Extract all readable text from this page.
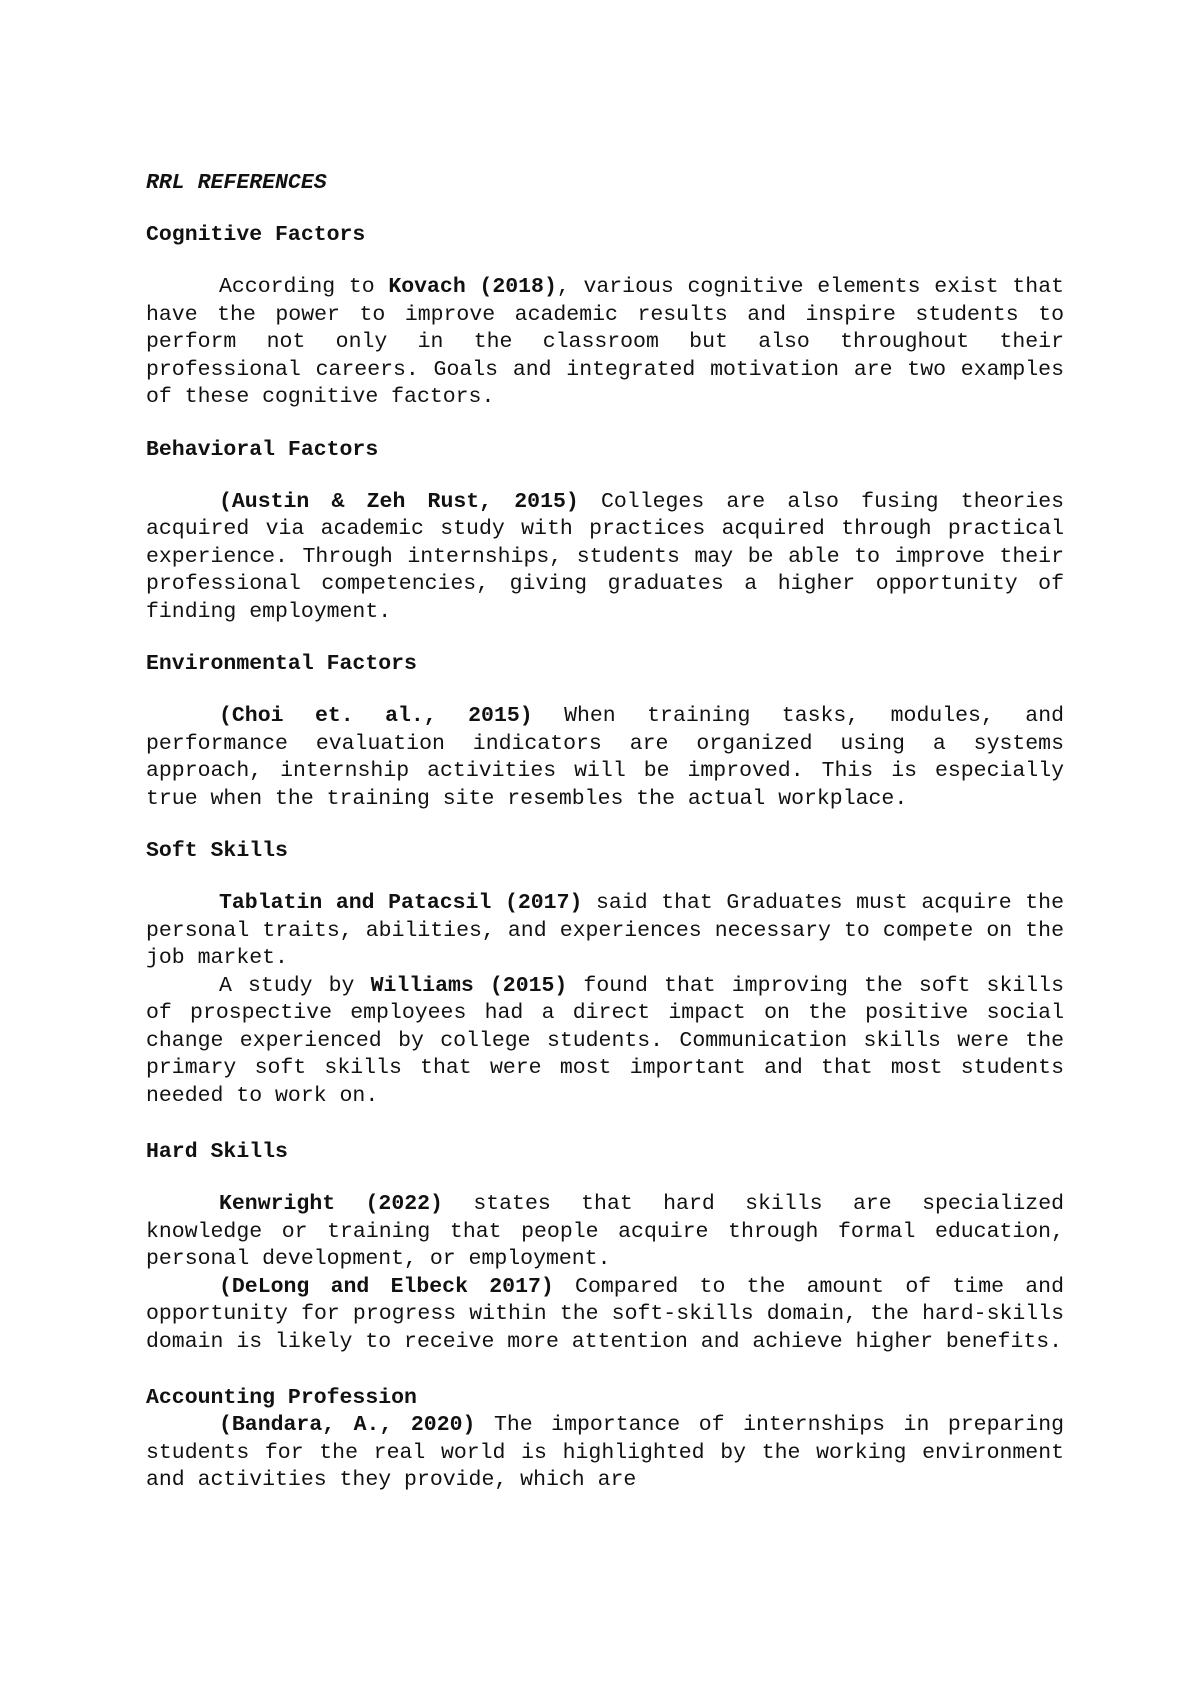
RRL REFERENCES
Cognitive Factors

According to Kovach (2018), various cognitive elements exist that have the power to improve academic results and inspire students to perform not only in the classroom but also throughout their professional careers. Goals and integrated motivation are two examples of these cognitive factors.

Behavioral Factors

(Austin & Zeh Rust, 2015) Colleges are also fusing theories acquired via academic study with practices acquired through practical experience. Through internships, students may be able to improve their professional competencies, giving graduates a higher opportunity of finding employment.

Environmental Factors

(Choi et. al., 2015) When training tasks, modules, and performance evaluation indicators are organized using a systems approach, internship activities will be improved. This is especially true when the training site resembles the actual workplace.

Soft Skills

Tablatin and Patacsil (2017) said that Graduates must acquire the personal traits, abilities, and experiences necessary to compete on the job market.

A study by Williams (2015) found that improving the soft skills of prospective employees had a direct impact on the positive social change experienced by college students. Communication skills were the primary soft skills that were most important and that most students needed to work on.

Hard Skills

Kenwright (2022) states that hard skills are specialized knowledge or training that people acquire through formal education, personal development, or employment.

(DeLong and Elbeck 2017) Compared to the amount of time and opportunity for progress within the soft-skills domain, the hard-skills domain is likely to receive more attention and achieve higher benefits.

Accounting Profession

(Bandara, A., 2020) The importance of internships in preparing students for the real world is highlighted by the working environment and activities they provide, which are
